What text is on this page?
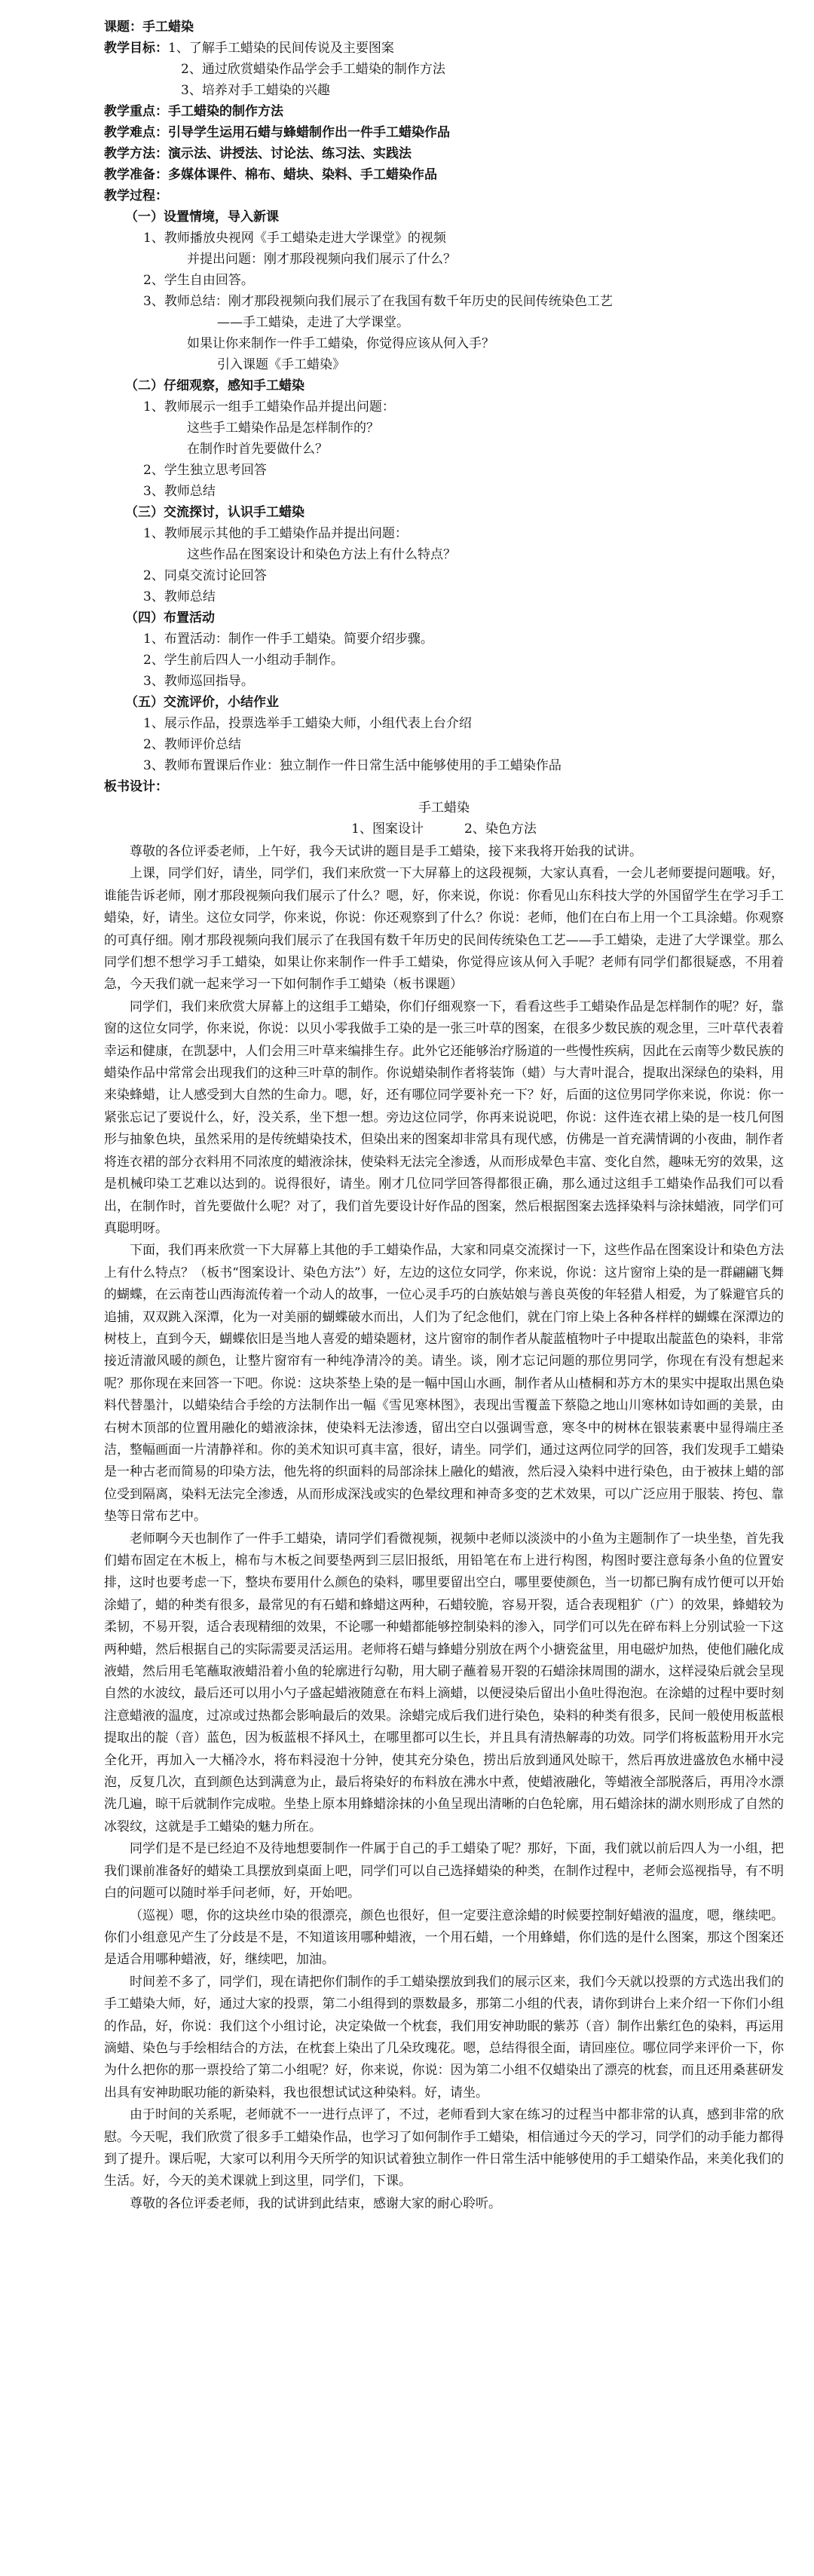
课题：手工蜡染

教学目标：1、了解手工蜡染的民间传说及主要图案

2、通过欣赏蜡染作品学会手工蜡染的制作方法

3、培养对手工蜡染的兴趣

教学重点：手工蜡染的制作方法

教学难点：引导学生运用石蜡与蜂蜡制作出一件手工蜡染作品

教学方法：演示法、讲授法、讨论法、练习法、实践法

教学准备：多媒体课件、棉布、蜡块、染料、手工蜡染作品

教学过程：

（一）设置情境，导入新课

1、教师播放央视网《手工蜡染走进大学课堂》的视频

并提出问题：刚才那段视频向我们展示了什么？

2、学生自由回答。

3、教师总结：刚才那段视频向我们展示了在我国有数千年历史的民间传统染色工艺

——手工蜡染，走进了大学课堂。

如果让你来制作一件手工蜡染，你觉得应该从何入手？

引入课题《手工蜡染》

（二）仔细观察，感知手工蜡染

1、教师展示一组手工蜡染作品并提出问题：

这些手工蜡染作品是怎样制作的？

在制作时首先要做什么？

2、学生独立思考回答

3、教师总结

（三）交流探讨，认识手工蜡染

1、教师展示其他的手工蜡染作品并提出问题：

这些作品在图案设计和染色方法上有什么特点？

2、同桌交流讨论回答

3、教师总结

（四）布置活动

1、布置活动：制作一件手工蜡染。简要介绍步骤。

2、学生前后四人一小组动手制作。

3、教师巡回指导。

（五）交流评价，小结作业

1、展示作品，投票选举手工蜡染大师，小组代表上台介绍

2、教师评价总结

3、教师布置课后作业：独立制作一件日常生活中能够使用的手工蜡染作品

板书设计：

手工蜡染

1、图案设计          2、染色方法

尊敬的各位评委老师，上午好，我今天试讲的题目是手工蜡染，接下来我将开始我的试讲。

上课，同学们好，请坐，同学们，我们来欣赏一下大屏幕上的这段视频，大家认真看，一会儿老师要提问题哦。好，谁能告诉老师，刚才那段视频向我们展示了什么？嗯，好，你来说，你说：你看见山东科技大学的外国留学生在学习手工蜡染，好，请坐。这位女同学，你来说，你说：你还观察到了什么？你说：老师，他们在白布上用一个工具涂蜡。你观察的可真仔细。刚才那段视频向我们展示了在我国有数千年历史的民间传统染色工艺——手工蜡染，走进了大学课堂。那么同学们想不想学习手工蜡染，如果让你来制作一件手工蜡染，你觉得应该从何入手呢？老师有同学们都很疑惑，不用着急，今天我们就一起来学习一下如何制作手工蜡染（板书课题）

同学们，我们来欣赏大屏幕上的这组手工蜡染，你们仔细观察一下，看看这些手工蜡染作品是怎样制作的呢？好，靠窗的这位女同学，你来说，你说：以贝小零我做手工染的是一张三叶草的图案，在很多少数民族的观念里，三叶草代表着幸运和健康，在凯瑟中，人们会用三叶草来编排生存。此外它还能够治疗肠道的一些慢性疾病，因此在云南等少数民族的蜡染作品中常常会出现我们的这种三叶草的制作。你说蜡染制作者将装饰（蜡）与大青叶混合，提取出深绿色的染料，用来染蜂蜡，让人感受到大自然的生命力。嗯，好，还有哪位同学要补充一下？好，后面的这位男同学你来说，你说：你一紧张忘记了要说什么，好，没关系，坐下想一想。旁边这位同学，你再来说说吧，你说：这件连衣裙上染的是一枝几何图形与抽象色块，虽然采用的是传统蜡染技术，但染出来的图案却非常具有现代感，仿佛是一首充满情调的小夜曲，制作者将连衣裙的部分衣料用不同浓度的蜡液涂抹，使染料无法完全渗透，从而形成晕色丰富、变化自然，趣味无穷的效果，这是机械印染工艺难以达到的。说得很好，请坐。刚才几位同学回答得都很正确，那么通过这组手工蜡染作品我们可以看出，在制作时，首先要做什么呢？对了，我们首先要设计好作品的图案，然后根据图案去选择染料与涂抹蜡液，同学们可真聪明呀。

下面，我们再来欣赏一下大屏幕上其他的手工蜡染作品，大家和同桌交流探讨一下，这些作品在图案设计和染色方法上有什么特点？（板书“图案设计、染色方法”）好，左边的这位女同学，你来说，你说：这片窗帘上染的是一群翩翩飞舞的蝴蝶，在云南苍山西海流传着一个动人的故事，一位心灵手巧的白族姑娘与善良英俊的年轻猎人相爱，为了躲避官兵的追捕，双双跳入深潭，化为一对美丽的蝴蝶破水而出，人们为了纪念他们，就在门帘上染上各种各样样的蝴蝶在深潭边的树枝上，直到今天，蝴蝶依旧是当地人喜爱的蜡染题材，这片窗帘的制作者从靛蓝植物叶子中提取出靛蓝色的染料，非常接近清澈风暖的颜色，让整片窗帘有一种纯净清冷的美。请坐。谈，刚才忘记问题的那位男同学，你现在有没有想起来呢？那你现在来回答一下吧。你说：这块茶垫上染的是一幅中国山水画，制作者从山楂桐和苏方木的果实中提取出黑色染料代替墨汁，以蜡染结合手绘的方法制作出一幅《雪见寒林图》，表现出雪覆盖下蔡隐之地山川寒林如诗如画的美景，由右树木顶部的位置用融化的蜡液涂抹，使染料无法渗透，留出空白以强调雪意，寒冬中的树林在银装素裹中显得端庄圣洁，整幅画面一片清静祥和。你的美术知识可真丰富，很好，请坐。同学们，通过这两位同学的回答，我们发现手工蜡染是一种古老而简易的印染方法，他先将的织面料的局部涂抹上融化的蜡液，然后浸入染料中进行染色，由于被抹上蜡的部位受到隔离，染料无法完全渗透，从而形成深浅或实的色晕纹理和神奇多变的艺术效果，可以广泛应用于服装、挎包、靠垫等日常布艺中。

老师啊今天也制作了一件手工蜡染，请同学们看微视频，视频中老师以淡淡中的小鱼为主题制作了一块坐垫，首先我们蜡布固定在木板上，棉布与木板之间要垫两到三层旧报纸，用铅笔在布上进行构图，构图时要注意每条小鱼的位置安排，这时也要考虑一下，整块布要用什么颜色的染料，哪里要留出空白，哪里要使颜色，当一切都已胸有成竹便可以开始涂蜡了，蜡的种类有很多，最常见的有石蜡和蜂蜡这两种，石蜡较脆，容易开裂，适合表现粗犷（广）的效果，蜂蜡较为柔韧，不易开裂，适合表现精细的效果，不论哪一种蜡都能够控制染料的渗入，同学们可以先在碎布料上分别试验一下这两种蜡，然后根据自己的实际需要灵活运用。老师将石蜡与蜂蜡分别放在两个小搪瓷盆里，用电磁炉加热，使他们融化成液蜡，然后用毛笔蘸取液蜡沿着小鱼的轮廓进行勾勒，用大刷子蘸着易开裂的石蜡涂抹周围的湖水，这样浸染后就会呈现自然的水波纹，最后还可以用小勺子盛起蜡液随意在布料上滴蜡，以便浸染后留出小鱼吐得泡泡。在涂蜡的过程中要时刻注意蜡液的温度，过凉或过热都会影响最后的效果。涂蜡完成后我们进行染色，染料的种类有很多，民间一般使用板蓝根提取出的靛（音）蓝色，因为板蓝根不择风土，在哪里都可以生长，并且具有清热解毒的功效。同学们将板蓝粉用开水完全化开，再加入一大桶冷水，将布料浸泡十分钟，使其充分染色，捞出后放到通风处晾干，然后再放进盛放色水桶中浸泡，反复几次，直到颜色达到满意为止，最后将染好的布料放在沸水中煮，使蜡液融化，等蜡液全部脱落后，再用冷水漂洗几遍，晾干后就制作完成啦。坐垫上原本用蜂蜡涂抹的小鱼呈现出清晰的白色轮廓，用石蜡涂抹的湖水则形成了自然的冰裂纹，这就是手工蜡染的魅力所在。

同学们是不是已经迫不及待地想要制作一件属于自己的手工蜡染了呢？那好，下面，我们就以前后四人为一小组，把我们课前准备好的蜡染工具摆放到桌面上吧，同学们可以自己选择蜡染的种类，在制作过程中，老师会巡视指导，有不明白的问题可以随时举手问老师，好，开始吧。

（巡视）嗯，你的这块丝巾染的很漂亮，颜色也很好，但一定要注意涂蜡的时候要控制好蜡液的温度，嗯，继续吧。你们小组意见产生了分歧是不是，不知道该用哪种蜡液，一个用石蜡，一个用蜂蜡，你们选的是什么图案，那这个图案还是适合用哪种蜡液，好，继续吧，加油。

时间差不多了，同学们，现在请把你们制作的手工蜡染摆放到我们的展示区来，我们今天就以投票的方式选出我们的手工蜡染大师，好，通过大家的投票，第二小组得到的票数最多，那第二小组的代表，请你到讲台上来介绍一下你们小组的作品，好，你说：我们这个小组讨论，决定染做一个枕套，我们用安神助眠的紫苏（音）制作出紫红色的染料，再运用滴蜡、染色与手绘相结合的方法，在枕套上染出了几朵玫瑰花。嗯，总结得很全面，请回座位。哪位同学来评价一下，你为什么把你的那一票投给了第二小组呢？好，你来说，你说：因为第二小组不仅蜡染出了漂亮的枕套，而且还用桑葚研发出具有安神助眠功能的新染料，我也很想试试这种染料。好，请坐。

由于时间的关系呢，老师就不一一进行点评了，不过，老师看到大家在练习的过程当中都非常的认真，感到非常的欣慰。今天呢，我们欣赏了很多手工蜡染作品，也学习了如何制作手工蜡染，相信通过今天的学习，同学们的动手能力都得到了提升。课后呢，大家可以利用今天所学的知识试着独立制作一件日常生活中能够使用的手工蜡染作品，来美化我们的生活。好，今天的美术课就上到这里，同学们，下课。

尊敬的各位评委老师，我的试讲到此结束，感谢大家的耐心聆听。
